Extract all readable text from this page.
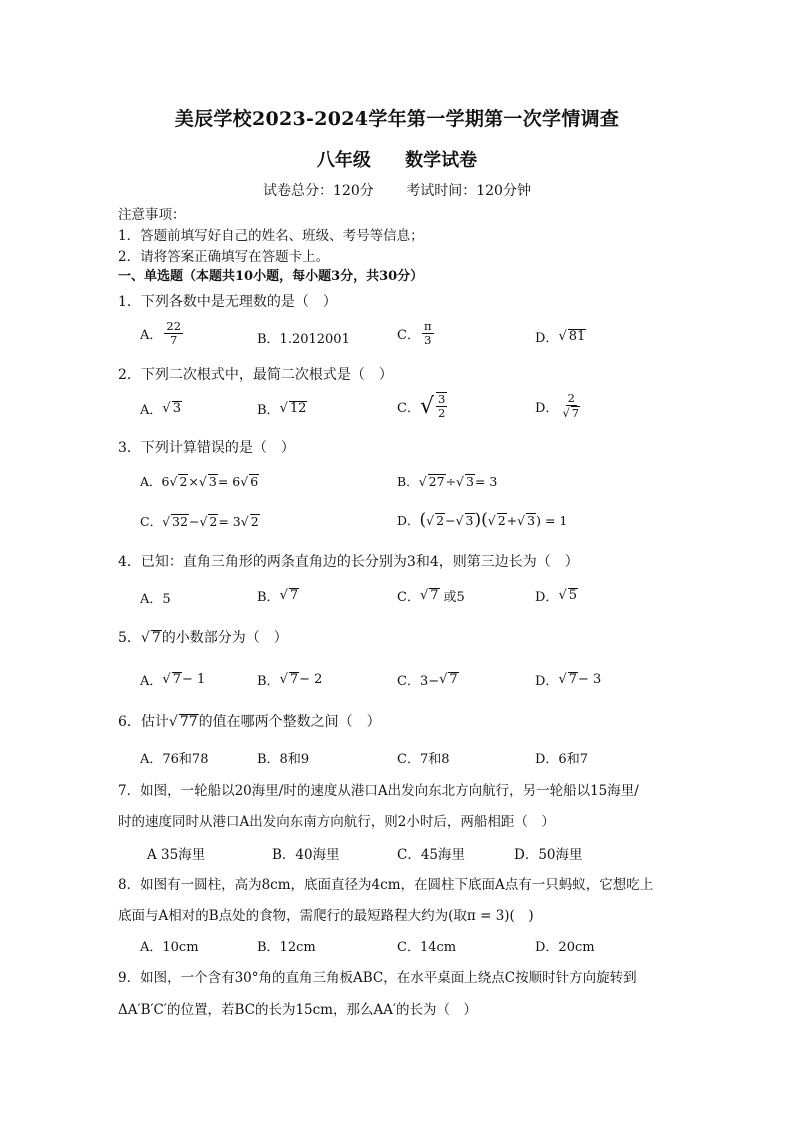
美辰学校2023-2024学年第一学期第一次学情调查
八年级 数学试卷
试卷总分：120分 考试时间：120分钟
注意事项：
1．答题前填写好自己的姓名、班级、考号等信息；
2．请将答案正确填写在答题卡上。
一、单选题（本题共10小题，每小题3分，共30分）
1．下列各数中是无理数的是（　）
A． $\frac{22}{7}$	B．1.2012001	C． $\frac{\pi}{3}$	D． √ 81
2．下列二次根式中，最简二次根式是（　）
A． √ 3	B． √ 12	C． √ $\frac{3}{2}$	D． $\frac{2}{√ 7}$
3．下列计算错误的是（　）
A． 6 √ 2 × √ 3 = 6 √ 6	B． √ 27 ÷ √ 3 = 3
C． √ 32 − √ 2 = 3 √ 2	D． ( √ 2 − √ 3 )( √ 2 + √ 3 ) = 1
4．已知：直角三角形的两条直角边的长分别为3和4，则第三边长为（　）
A．5	B． √ 7	C． √ 7 或5	D． √ 5
5．√ 7的小数部分为（　）
A． √ 7 − 1	B． √ 7 − 2	C．3− √ 7	D． √ 7 − 3
6．估计√ 77的值在哪两个整数之间（　）
A．76和78	B．8和9	C．7和8	D．6和7
7．如图，一轮船以20海里/时的速度从港口A出发向东北方向航行，另一轮船以15海里/
时的速度同时从港口A出发向东南方向航行，则2小时后，两船相距（　）
A 35海里	B．40海里	C．45海里	D．50海里
8．如图有一圆柱，高为8cm，底面直径为4cm，在圆柱下底面A点有一只蚂蚁，它想吃上
底面与A相对的B点处的食物，需爬行的最短路程大约为(取π = 3)(　)
A．10cm	B．12cm	C．14cm	D．20cm
9．如图，一个含有30°角的直角三角板ABC，在水平桌面上绕点C按顺时针方向旋转到
ΔA′B′C′的位置，若BC的长为15cm，那么AA′的长为（　）
